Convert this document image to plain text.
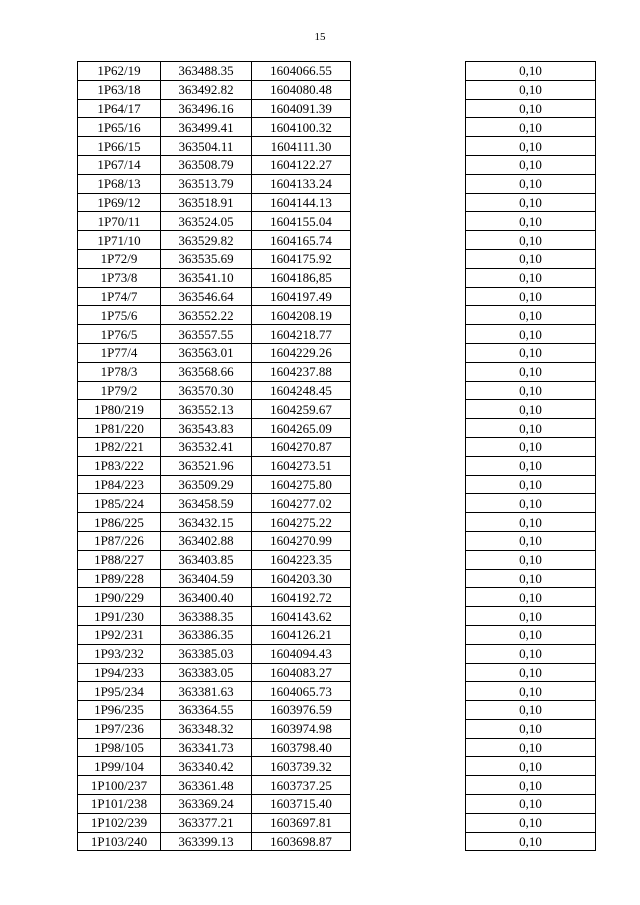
15
1P62/19	363488.35	1604066.55		0,10
1P63/18	363492.82	1604080.48		0,10
1P64/17	363496.16	1604091.39		0,10
1P65/16	363499.41	1604100.32		0,10
1P66/15	363504.11	1604111.30		0,10
1P67/14	363508.79	1604122.27		0,10
1P68/13	363513.79	1604133.24		0,10
1P69/12	363518.91	1604144.13		0,10
1P70/11	363524.05	1604155.04		0,10
1P71/10	363529.82	1604165.74		0,10
1P72/9	363535.69	1604175.92		0,10
1P73/8	363541.10	1604186,85		0,10
1P74/7	363546.64	1604197.49		0,10
1P75/6	363552.22	1604208.19		0,10
1P76/5	363557.55	1604218.77		0,10
1P77/4	363563.01	1604229.26		0,10
1P78/3	363568.66	1604237.88		0,10
1P79/2	363570.30	1604248.45		0,10
1P80/219	363552.13	1604259.67		0,10
1P81/220	363543.83	1604265.09		0,10
1P82/221	363532.41	1604270.87		0,10
1P83/222	363521.96	1604273.51		0,10
1P84/223	363509.29	1604275.80		0,10
1P85/224	363458.59	1604277.02		0,10
1P86/225	363432.15	1604275.22		0,10
1P87/226	363402.88	1604270.99		0,10
1P88/227	363403.85	1604223.35		0,10
1P89/228	363404.59	1604203.30		0,10
1P90/229	363400.40	1604192.72		0,10
1P91/230	363388.35	1604143.62		0,10
1P92/231	363386.35	1604126.21		0,10
1P93/232	363385.03	1604094.43		0,10
1P94/233	363383.05	1604083.27		0,10
1P95/234	363381.63	1604065.73		0,10
1P96/235	363364.55	1603976.59		0,10
1P97/236	363348.32	1603974.98		0,10
1P98/105	363341.73	1603798.40		0,10
1P99/104	363340.42	1603739.32		0,10
1P100/237	363361.48	1603737.25		0,10
1P101/238	363369.24	1603715.40		0,10
1P102/239	363377.21	1603697.81		0,10
1P103/240	363399.13	1603698.87		0,10
